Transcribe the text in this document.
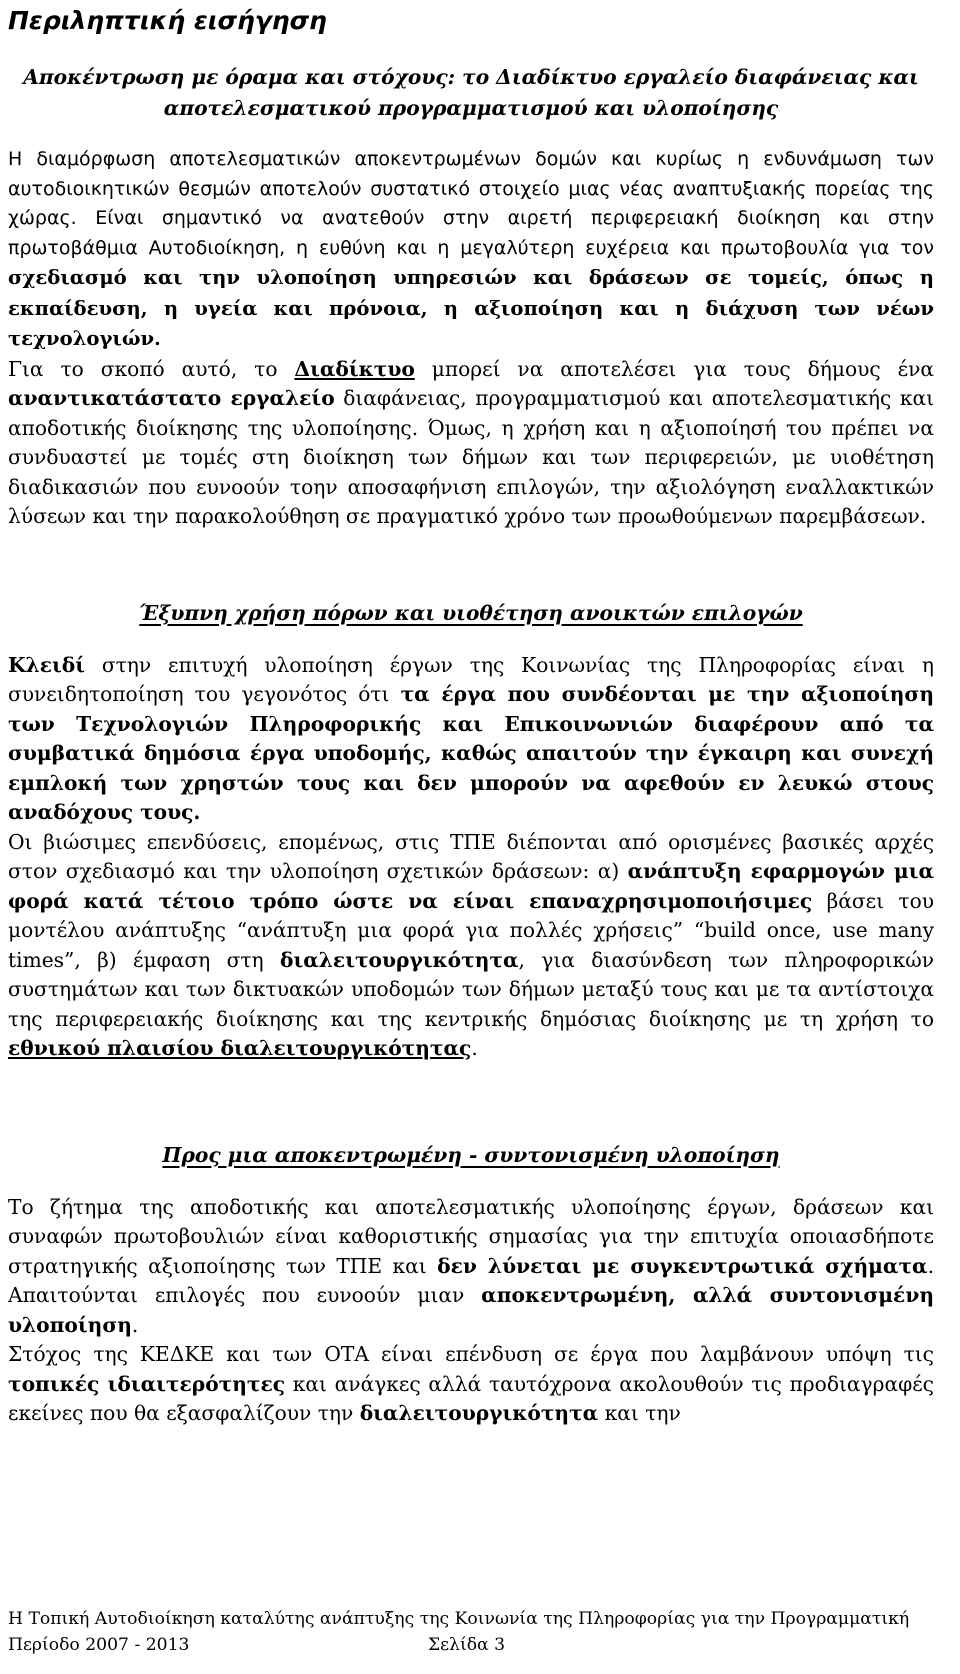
Περιληπτική εισήγηση
Αποκέντρωση με όραμα και στόχους: το Διαδίκτυο εργαλείο διαφάνειας και αποτελεσματικού προγραμματισμού και υλοποίησης

Η διαμόρφωση αποτελεσματικών αποκεντρωμένων δομών και κυρίως η ενδυνάμωση των αυτοδιοικητικών θεσμών αποτελούν συστατικό στοιχείο μιας νέας αναπτυξιακής πορείας της χώρας. Είναι σημαντικό να ανατεθούν στην αιρετή περιφερειακή διοίκηση και στην πρωτοβάθμια Αυτοδιοίκηση, η ευθύνη και η μεγαλύτερη ευχέρεια και πρωτοβουλία για τον σχεδιασμό και την υλοποίηση υπηρεσιών και δράσεων σε τομείς, όπως η εκπαίδευση, η υγεία και πρόνοια, η αξιοποίηση και η διάχυση των νέων τεχνολογιών.

Για το σκοπό αυτό, το Διαδίκτυο μπορεί να αποτελέσει για τους δήμους ένα αναντικατάστατο εργαλείο διαφάνειας, προγραμματισμού και αποτελεσματικής και αποδοτικής διοίκησης της υλοποίησης. Όμως, η χρήση και η αξιοποίησή του πρέπει να συνδυαστεί με τομές στη διοίκηση των δήμων και των περιφερειών, με υιοθέτηση διαδικασιών που ευνοούν τοην αποσαφήνιση επιλογών, την αξιολόγηση εναλλακτικών λύσεων και την παρακολούθηση σε πραγματικό χρόνο των προωθούμενων παρεμβάσεων.

Έξυπνη χρήση πόρων και υιοθέτηση ανοικτών επιλογών

Κλειδί στην επιτυχή υλοποίηση έργων της Κοινωνίας της Πληροφορίας είναι η συνειδητοποίηση του γεγονότος ότι τα έργα που συνδέονται με την αξιοποίηση των Τεχνολογιών Πληροφορικής και Επικοινωνιών διαφέρουν από τα συμβατικά δημόσια έργα υποδομής, καθώς απαιτούν την έγκαιρη και συνεχή εμπλοκή των χρηστών τους και δεν μπορούν να αφεθούν εν λευκώ στους αναδόχους τους.

Οι βιώσιμες επενδύσεις, επομένως, στις ΤΠΕ διέπονται από ορισμένες βασικές αρχές στον σχεδιασμό και την υλοποίηση σχετικών δράσεων: α) ανάπτυξη εφαρμογών μια φορά κατά τέτοιο τρόπο ώστε να είναι επαναχρησιμοποιήσιμες βάσει του μοντέλου ανάπτυξης “ανάπτυξη μια φορά για πολλές χρήσεις” “build once, use many times”, β) έμφαση στη διαλειτουργικότητα, για διασύνδεση των πληροφορικών συστημάτων και των δικτυακών υποδομών των δήμων μεταξύ τους και με τα αντίστοιχα της περιφερειακής διοίκησης και της κεντρικής δημόσιας διοίκησης με τη χρήση το εθνικού πλαισίου διαλειτουργικότητας.

Προς μια αποκεντρωμένη - συντονισμένη υλοποίηση

Το ζήτημα της αποδοτικής και αποτελεσματικής υλοποίησης έργων, δράσεων και συναφών πρωτοβουλιών είναι καθοριστικής σημασίας για την επιτυχία οποιασδήποτε στρατηγικής αξιοποίησης των ΤΠΕ και δεν λύνεται με συγκεντρωτικά σχήματα. Απαιτούνται επιλογές που ευνοούν μιαν αποκεντρωμένη, αλλά συντονισμένη υλοποίηση.

Στόχος της ΚΕΔΚΕ και των ΟΤΑ είναι επένδυση σε έργα που λαμβάνουν υπόψη τις τοπικές ιδιαιτερότητες και ανάγκες αλλά ταυτόχρονα ακολουθούν τις προδιαγραφές εκείνες που θα εξασφαλίζουν την διαλειτουργικότητα και την

Η Τοπική Αυτοδιοίκηση καταλύτης ανάπτυξης της Κοινωνία της Πληροφορίας για την Προγραμματική
Περίοδο 2007 - 2013	Σελίδα 3
